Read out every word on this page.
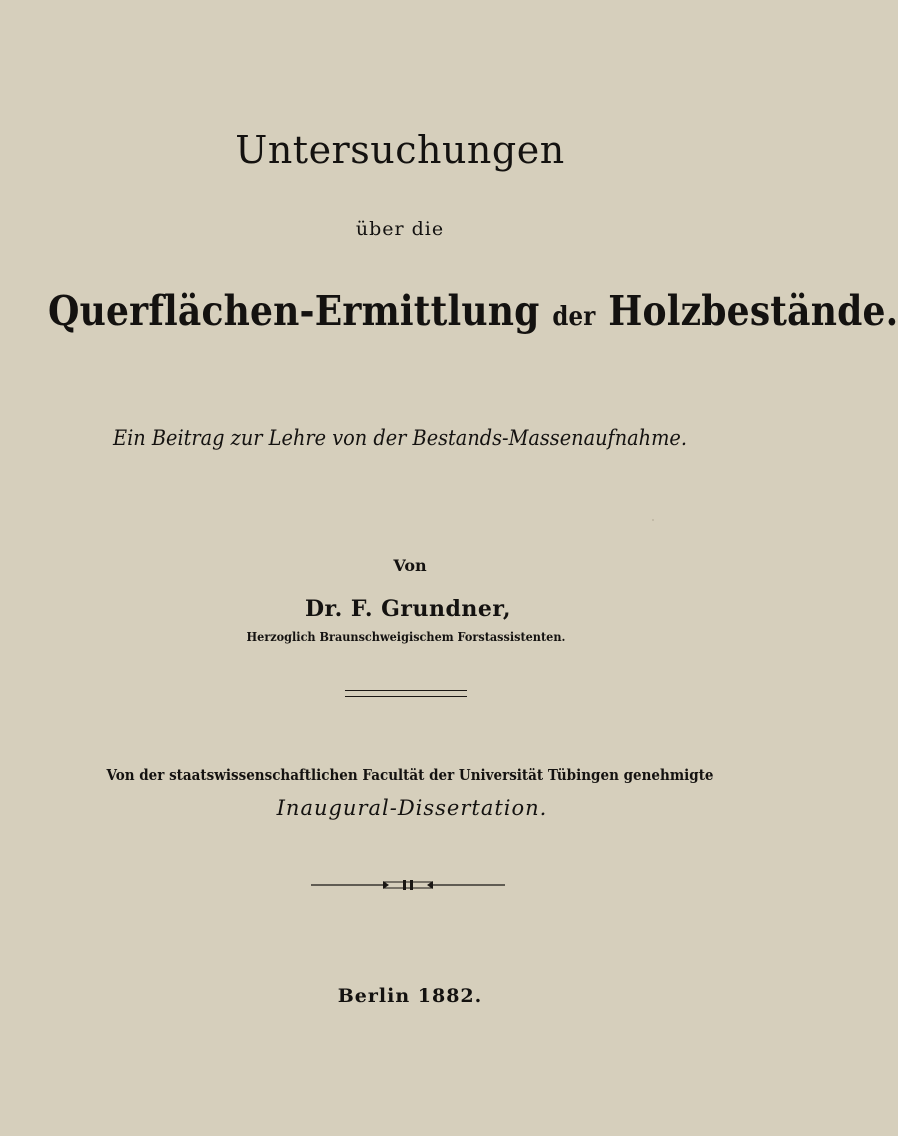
Untersuchungen
über die
Querflächen-Ermittlung der Holzbestände.
Ein Beitrag zur Lehre von der Bestands-Massenaufnahme.
Von
Dr. F. Grundner,
Herzoglich Braunschweigischem Forstassistenten.
Von der staatswissenschaftlichen Facultät der Universität Tübingen genehmigte
Inaugural-Dissertation.
Berlin 1882.
